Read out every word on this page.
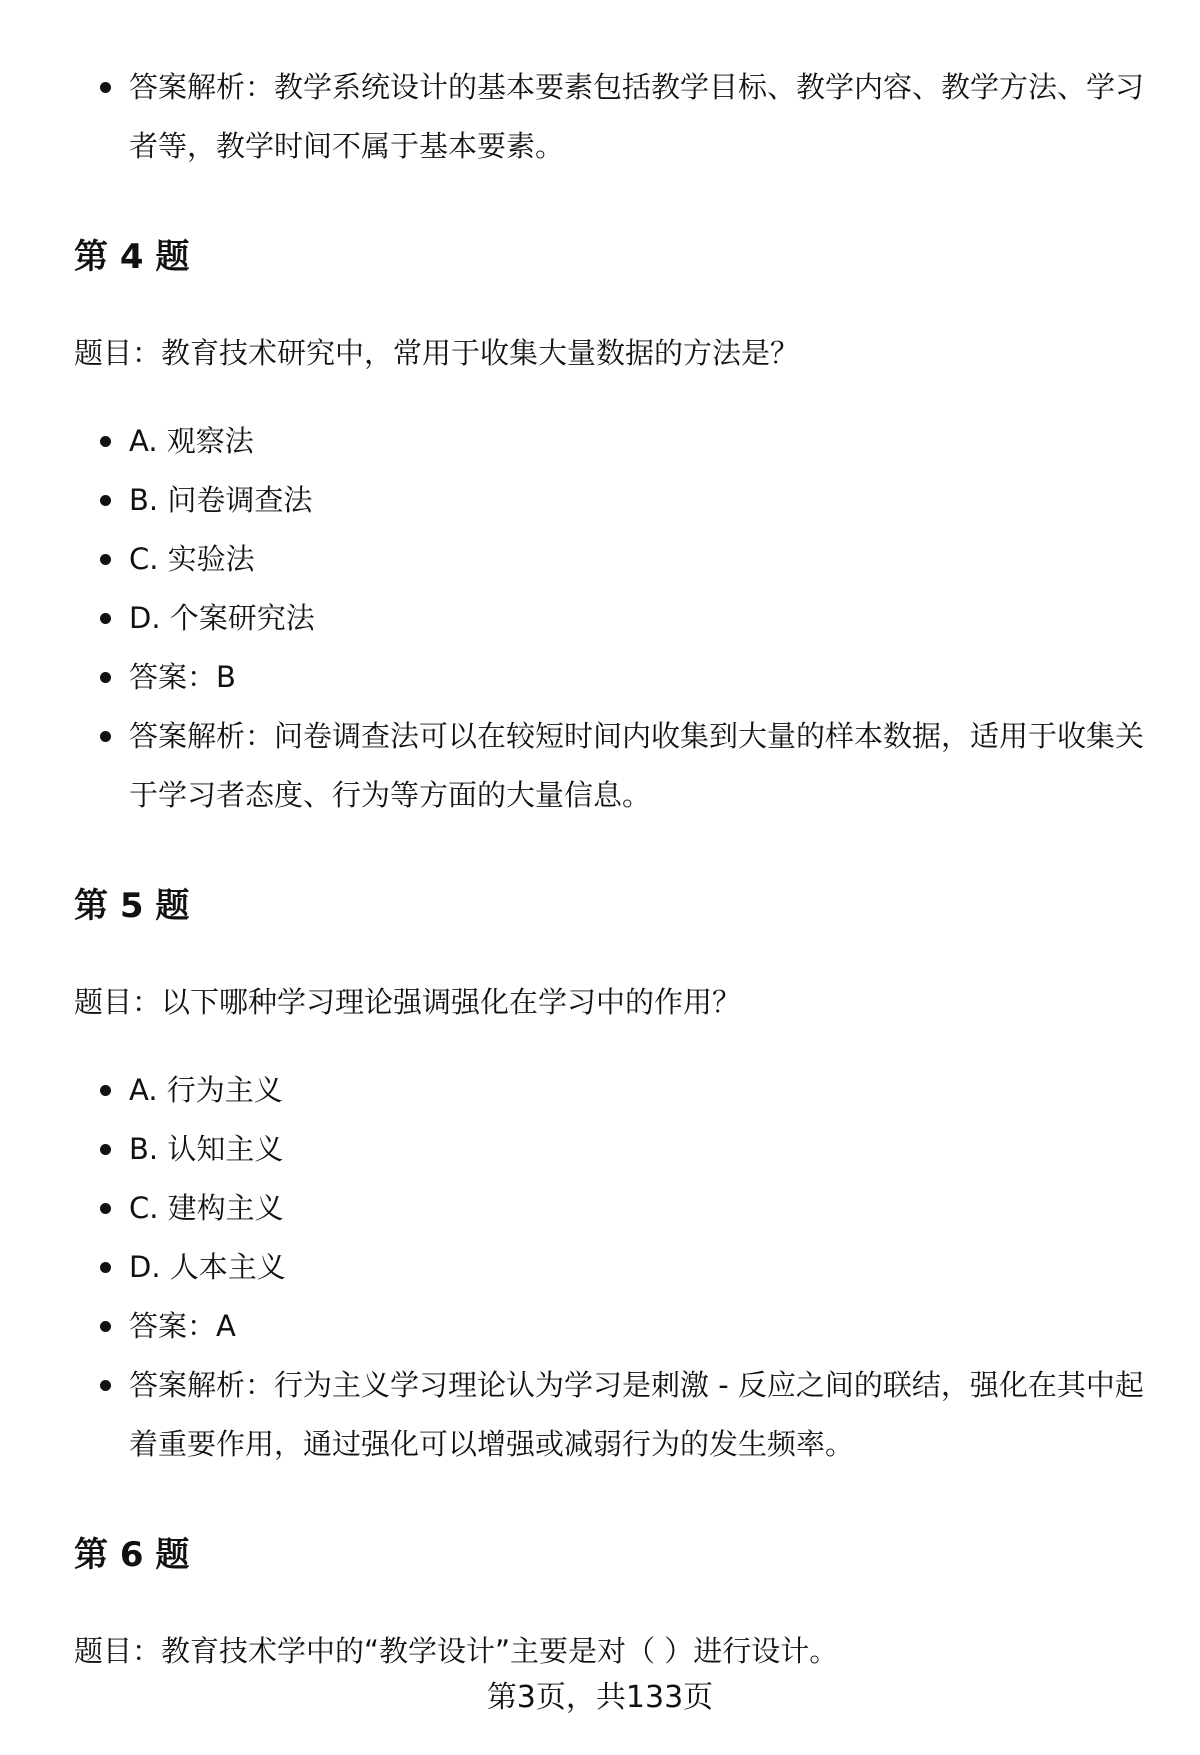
答案解析：教学系统设计的基本要素包括教学目标、教学内容、教学方法、学习者等，教学时间不属于基本要素。
第 4 题
题目：教育技术研究中，常用于收集大量数据的方法是？
A. 观察法
B. 问卷调查法
C. 实验法
D. 个案研究法
答案：B
答案解析：问卷调查法可以在较短时间内收集到大量的样本数据，适用于收集关于学习者态度、行为等方面的大量信息。
第 5 题
题目：以下哪种学习理论强调强化在学习中的作用？
A. 行为主义
B. 认知主义
C. 建构主义
D. 人本主义
答案：A
答案解析：行为主义学习理论认为学习是刺激 - 反应之间的联结，强化在其中起着重要作用，通过强化可以增强或减弱行为的发生频率。
第 6 题
题目：教育技术学中的“教学设计”主要是对（ ）进行设计。
第3页，共133页
